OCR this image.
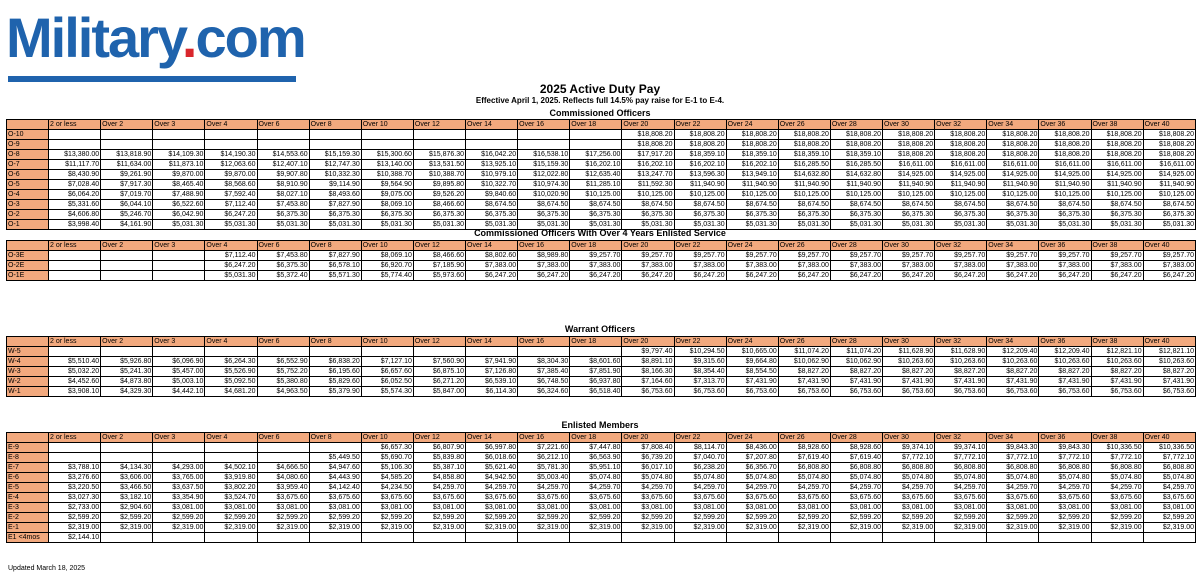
Military.com
2025 Active Duty Pay
Effective April 1, 2025. Reflects full 14.5% pay raise for E-1 to E-4.
Commissioned Officers
	2 or less	Over 2	Over 3	Over 4	Over 6	Over 8	Over 10	Over 12	Over 14	Over 16	Over 18	Over 20	Over 22	Over 24	Over 26	Over 28	Over 30	Over 32	Over 34	Over 36	Over 38	Over 40
O-10												$18,808.20	$18,808.20	$18,808.20	$18,808.20	$18,808.20	$18,808.20	$18,808.20	$18,808.20	$18,808.20	$18,808.20	$18,808.20
O-9												$18,808.20	$18,808.20	$18,808.20	$18,808.20	$18,808.20	$18,808.20	$18,808.20	$18,808.20	$18,808.20	$18,808.20	$18,808.20
O-8	$13,380.00	$13,818.90	$14,109.30	$14,190.30	$14,553.60	$15,159.30	$15,300.60	$15,876.30	$16,042.20	$16,538.10	$17,256.00	$17,917.20	$18,359.10	$18,359.10	$18,359.10	$18,359.10	$18,808.20	$18,808.20	$18,808.20	$18,808.20	$18,808.20	$18,808.20
O-7	$11,117.70	$11,634.00	$11,873.10	$12,063.60	$12,407.10	$12,747.30	$13,140.00	$13,531.50	$13,925.10	$15,159.30	$16,202.10	$16,202.10	$16,202.10	$16,202.10	$16,285.50	$16,285.50	$16,611.00	$16,611.00	$16,611.00	$16,611.00	$16,611.00	$16,611.00
O-6	$8,430.90	$9,261.90	$9,870.00	$9,870.00	$9,907.80	$10,332.30	$10,388.70	$10,388.70	$10,979.10	$12,022.80	$12,635.40	$13,247.70	$13,596.30	$13,949.10	$14,632.80	$14,632.80	$14,925.00	$14,925.00	$14,925.00	$14,925.00	$14,925.00	$14,925.00
O-5	$7,028.40	$7,917.30	$8,465.40	$8,568.60	$8,910.90	$9,114.90	$9,564.90	$9,895.80	$10,322.70	$10,974.30	$11,285.10	$11,592.30	$11,940.90	$11,940.90	$11,940.90	$11,940.90	$11,940.90	$11,940.90	$11,940.90	$11,940.90	$11,940.90	$11,940.90
O-4	$6,064.20	$7,019.70	$7,488.90	$7,592.40	$8,027.10	$8,493.60	$9,075.00	$9,526.20	$9,840.60	$10,020.90	$10,125.00	$10,125.00	$10,125.00	$10,125.00	$10,125.00	$10,125.00	$10,125.00	$10,125.00	$10,125.00	$10,125.00	$10,125.00	$10,125.00
O-3	$5,331.60	$6,044.10	$6,522.60	$7,112.40	$7,453.80	$7,827.90	$8,069.10	$8,466.60	$8,674.50	$8,674.50	$8,674.50	$8,674.50	$8,674.50	$8,674.50	$8,674.50	$8,674.50	$8,674.50	$8,674.50	$8,674.50	$8,674.50	$8,674.50	$8,674.50
O-2	$4,606.80	$5,246.70	$6,042.90	$6,247.20	$6,375.30	$6,375.30	$6,375.30	$6,375.30	$6,375.30	$6,375.30	$6,375.30	$6,375.30	$6,375.30	$6,375.30	$6,375.30	$6,375.30	$6,375.30	$6,375.30	$6,375.30	$6,375.30	$6,375.30	$6,375.30
O-1	$3,998.40	$4,161.90	$5,031.30	$5,031.30	$5,031.30	$5,031.30	$5,031.30	$5,031.30	$5,031.30	$5,031.30	$5,031.30	$5,031.30	$5,031.30	$5,031.30	$5,031.30	$5,031.30	$5,031.30	$5,031.30	$5,031.30	$5,031.30	$5,031.30	$5,031.30
Commissioned Officers With Over 4 Years Enlisted Service
	2 or less	Over 2	Over 3	Over 4	Over 6	Over 8	Over 10	Over 12	Over 14	Over 16	Over 18	Over 20	Over 22	Over 24	Over 26	Over 28	Over 30	Over 32	Over 34	Over 36	Over 38	Over 40
O-3E				$7,112.40	$7,453.80	$7,827.90	$8,069.10	$8,466.60	$8,802.60	$8,989.80	$9,257.70	$9,257.70	$9,257.70	$9,257.70	$9,257.70	$9,257.70	$9,257.70	$9,257.70	$9,257.70	$9,257.70	$9,257.70	$9,257.70
O-2E				$6,247.20	$6,375.30	$6,578.10	$6,920.70	$7,185.90	$7,383.00	$7,383.00	$7,383.00	$7,383.00	$7,383.00	$7,383.00	$7,383.00	$7,383.00	$7,383.00	$7,383.00	$7,383.00	$7,383.00	$7,383.00	$7,383.00
O-1E				$5,031.30	$5,372.40	$5,571.30	$5,774.40	$5,973.60	$6,247.20	$6,247.20	$6,247.20	$6,247.20	$6,247.20	$6,247.20	$6,247.20	$6,247.20	$6,247.20	$6,247.20	$6,247.20	$6,247.20	$6,247.20	$6,247.20
Warrant Officers
	2 or less	Over 2	Over 3	Over 4	Over 6	Over 8	Over 10	Over 12	Over 14	Over 16	Over 18	Over 20	Over 22	Over 24	Over 26	Over 28	Over 30	Over 32	Over 34	Over 36	Over 38	Over 40
W-5												$9,797.40	$10,294.50	$10,665.00	$11,074.20	$11,074.20	$11,628.90	$11,628.90	$12,209.40	$12,209.40	$12,821.10	$12,821.10
W-4	$5,510.40	$5,926.80	$6,096.90	$6,264.30	$6,552.90	$6,838.20	$7,127.10	$7,560.90	$7,941.90	$8,304.30	$8,601.60	$8,891.10	$9,315.60	$9,664.80	$10,062.90	$10,062.90	$10,263.60	$10,263.60	$10,263.60	$10,263.60	$10,263.60	$10,263.60
W-3	$5,032.20	$5,241.30	$5,457.00	$5,526.90	$5,752.20	$6,195.60	$6,657.60	$6,875.10	$7,126.80	$7,385.40	$7,851.90	$8,166.30	$8,354.40	$8,554.50	$8,827.20	$8,827.20	$8,827.20	$8,827.20	$8,827.20	$8,827.20	$8,827.20	$8,827.20
W-2	$4,452.60	$4,873.80	$5,003.10	$5,092.50	$5,380.80	$5,829.60	$6,052.50	$6,271.20	$6,539.10	$6,748.50	$6,937.80	$7,164.60	$7,313.70	$7,431.90	$7,431.90	$7,431.90	$7,431.90	$7,431.90	$7,431.90	$7,431.90	$7,431.90	$7,431.90
W-1	$3,908.10	$4,329.30	$4,442.10	$4,681.20	$4,963.50	$5,379.90	$5,574.30	$5,847.00	$6,114.30	$6,324.60	$6,518.40	$6,753.60	$6,753.60	$6,753.60	$6,753.60	$6,753.60	$6,753.60	$6,753.60	$6,753.60	$6,753.60	$6,753.60	$6,753.60
Enlisted Members
	2 or less	Over 2	Over 3	Over 4	Over 6	Over 8	Over 10	Over 12	Over 14	Over 16	Over 18	Over 20	Over 22	Over 24	Over 26	Over 28	Over 30	Over 32	Over 34	Over 36	Over 38	Over 40
E-9							$6,657.30	$6,807.90	$6,997.80	$7,221.60	$7,447.80	$7,808.40	$8,114.70	$8,436.00	$8,928.60	$8,928.60	$9,374.10	$9,374.10	$9,843.30	$9,843.30	$10,336.50	$10,336.50
E-8						$5,449.50	$5,690.70	$5,839.80	$6,018.60	$6,212.10	$6,563.90	$6,739.20	$7,040.70	$7,207.80	$7,619.40	$7,619.40	$7,772.10	$7,772.10	$7,772.10	$7,772.10	$7,772.10	$7,772.10
E-7	$3,788.10	$4,134.30	$4,293.00	$4,502.10	$4,666.50	$4,947.60	$5,106.30	$5,387.10	$5,621.40	$5,781.30	$5,951.10	$6,017.10	$6,238.20	$6,356.70	$6,808.80	$6,808.80	$6,808.80	$6,808.80	$6,808.80	$6,808.80	$6,808.80	$6,808.80
E-6	$3,276.60	$3,606.00	$3,765.00	$3,919.80	$4,080.60	$4,443.90	$4,585.20	$4,858.80	$4,942.50	$5,003.40	$5,074.80	$5,074.80	$5,074.80	$5,074.80	$5,074.80	$5,074.80	$5,074.80	$5,074.80	$5,074.80	$5,074.80	$5,074.80	$5,074.80
E-5	$3,220.50	$3,466.50	$3,637.50	$3,802.20	$3,959.40	$4,142.40	$4,234.50	$4,259.70	$4,259.70	$4,259.70	$4,259.70	$4,259.70	$4,259.70	$4,259.70	$4,259.70	$4,259.70	$4,259.70	$4,259.70	$4,259.70	$4,259.70	$4,259.70	$4,259.70
E-4	$3,027.30	$3,182.10	$3,354.90	$3,524.70	$3,675.60	$3,675.60	$3,675.60	$3,675.60	$3,675.60	$3,675.60	$3,675.60	$3,675.60	$3,675.60	$3,675.60	$3,675.60	$3,675.60	$3,675.60	$3,675.60	$3,675.60	$3,675.60	$3,675.60	$3,675.60
E-3	$2,733.00	$2,904.60	$3,081.00	$3,081.00	$3,081.00	$3,081.00	$3,081.00	$3,081.00	$3,081.00	$3,081.00	$3,081.00	$3,081.00	$3,081.00	$3,081.00	$3,081.00	$3,081.00	$3,081.00	$3,081.00	$3,081.00	$3,081.00	$3,081.00	$3,081.00
E-2	$2,599.20	$2,599.20	$2,599.20	$2,599.20	$2,599.20	$2,599.20	$2,599.20	$2,599.20	$2,599.20	$2,599.20	$2,599.20	$2,599.20	$2,599.20	$2,599.20	$2,599.20	$2,599.20	$2,599.20	$2,599.20	$2,599.20	$2,599.20	$2,599.20	$2,599.20
E-1	$2,319.00	$2,319.00	$2,319.00	$2,319.00	$2,319.00	$2,319.00	$2,319.00	$2,319.00	$2,319.00	$2,319.00	$2,319.00	$2,319.00	$2,319.00	$2,319.00	$2,319.00	$2,319.00	$2,319.00	$2,319.00	$2,319.00	$2,319.00	$2,319.00	$2,319.00
E1 <4mos	$2,144.10																					
Updated March 18, 2025
